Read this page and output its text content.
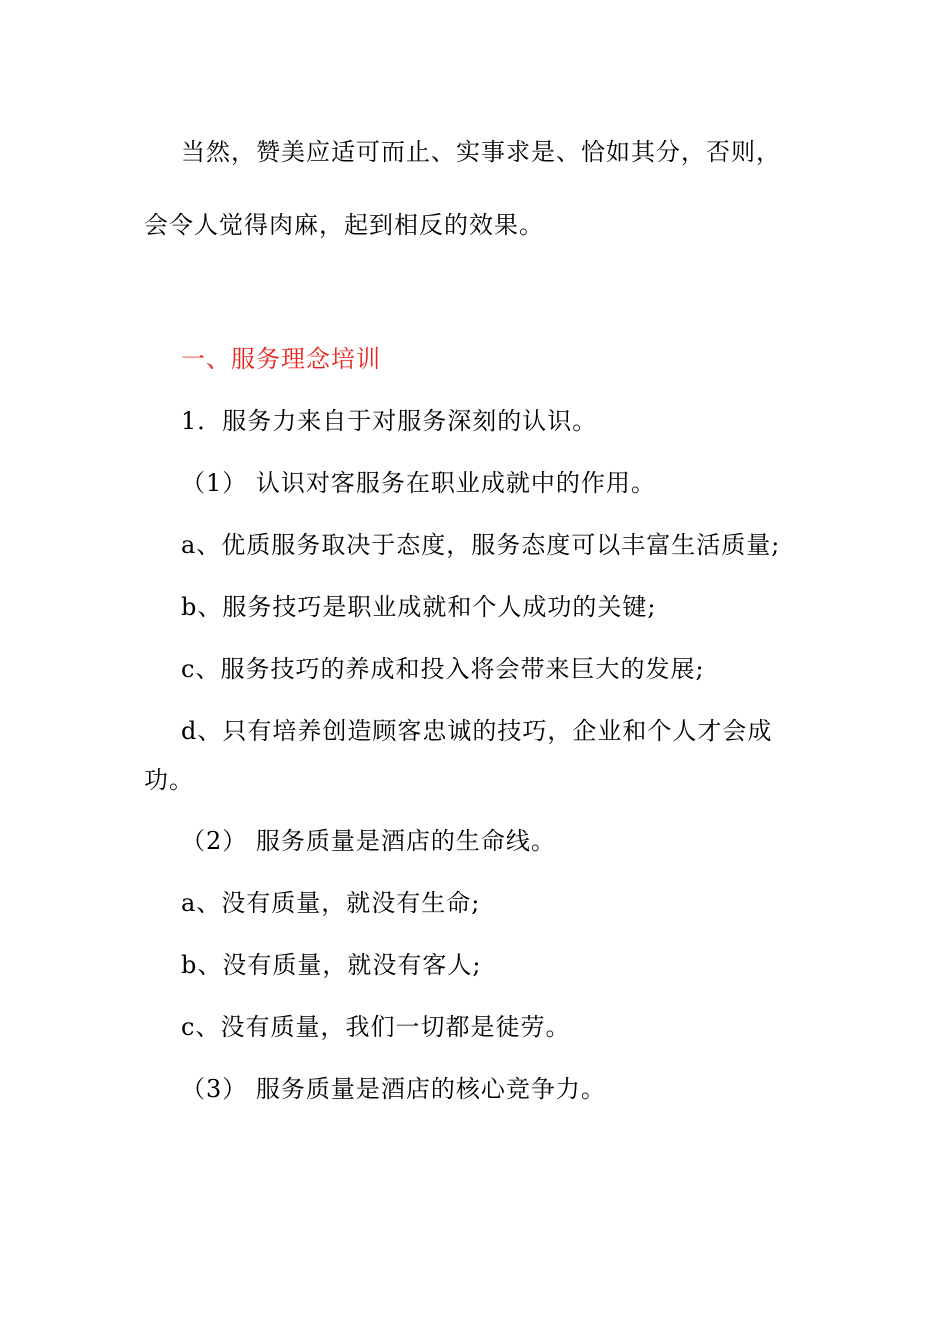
当然，赞美应适可而止、实事求是、恰如其分，否则，
会令人觉得肉麻，起到相反的效果。
一、服务理念培训
1．服务力来自于对服务深刻的认识。
（1） 认识对客服务在职业成就中的作用。
a、优质服务取决于态度，服务态度可以丰富生活质量;
b、服务技巧是职业成就和个人成功的关键;
c、服务技巧的养成和投入将会带来巨大的发展;
d、只有培养创造顾客忠诚的技巧，企业和个人才会成
功。
（2） 服务质量是酒店的生命线。
a、没有质量，就没有生命;
b、没有质量，就没有客人;
c、没有质量，我们一切都是徒劳。
（3） 服务质量是酒店的核心竞争力。
